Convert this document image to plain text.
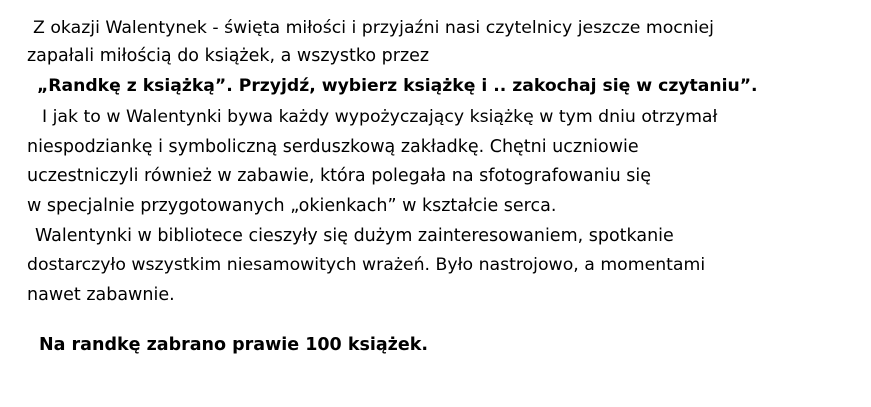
Z okazji Walentynek - święta miłości i przyjaźni nasi czytelnicy jeszcze mocniej

zapałali miłością do książek, a wszystko przez

„Randkę z książką”. Przyjdź, wybierz książkę i .. zakochaj się w czytaniu”.

I jak to w Walentynki bywa każdy wypożyczający książkę w tym dniu otrzymał

niespodziankę i symboliczną serduszkową zakładkę. Chętni uczniowie

uczestniczyli również w zabawie, która polegała na sfotografowaniu się

w specjalnie przygotowanych „okienkach” w kształcie serca.

Walentynki w bibliotece cieszyły się dużym zainteresowaniem, spotkanie

dostarczyło wszystkim niesamowitych wrażeń. Było nastrojowo, a momentami

nawet zabawnie.

Na randkę zabrano prawie 100 książek.
